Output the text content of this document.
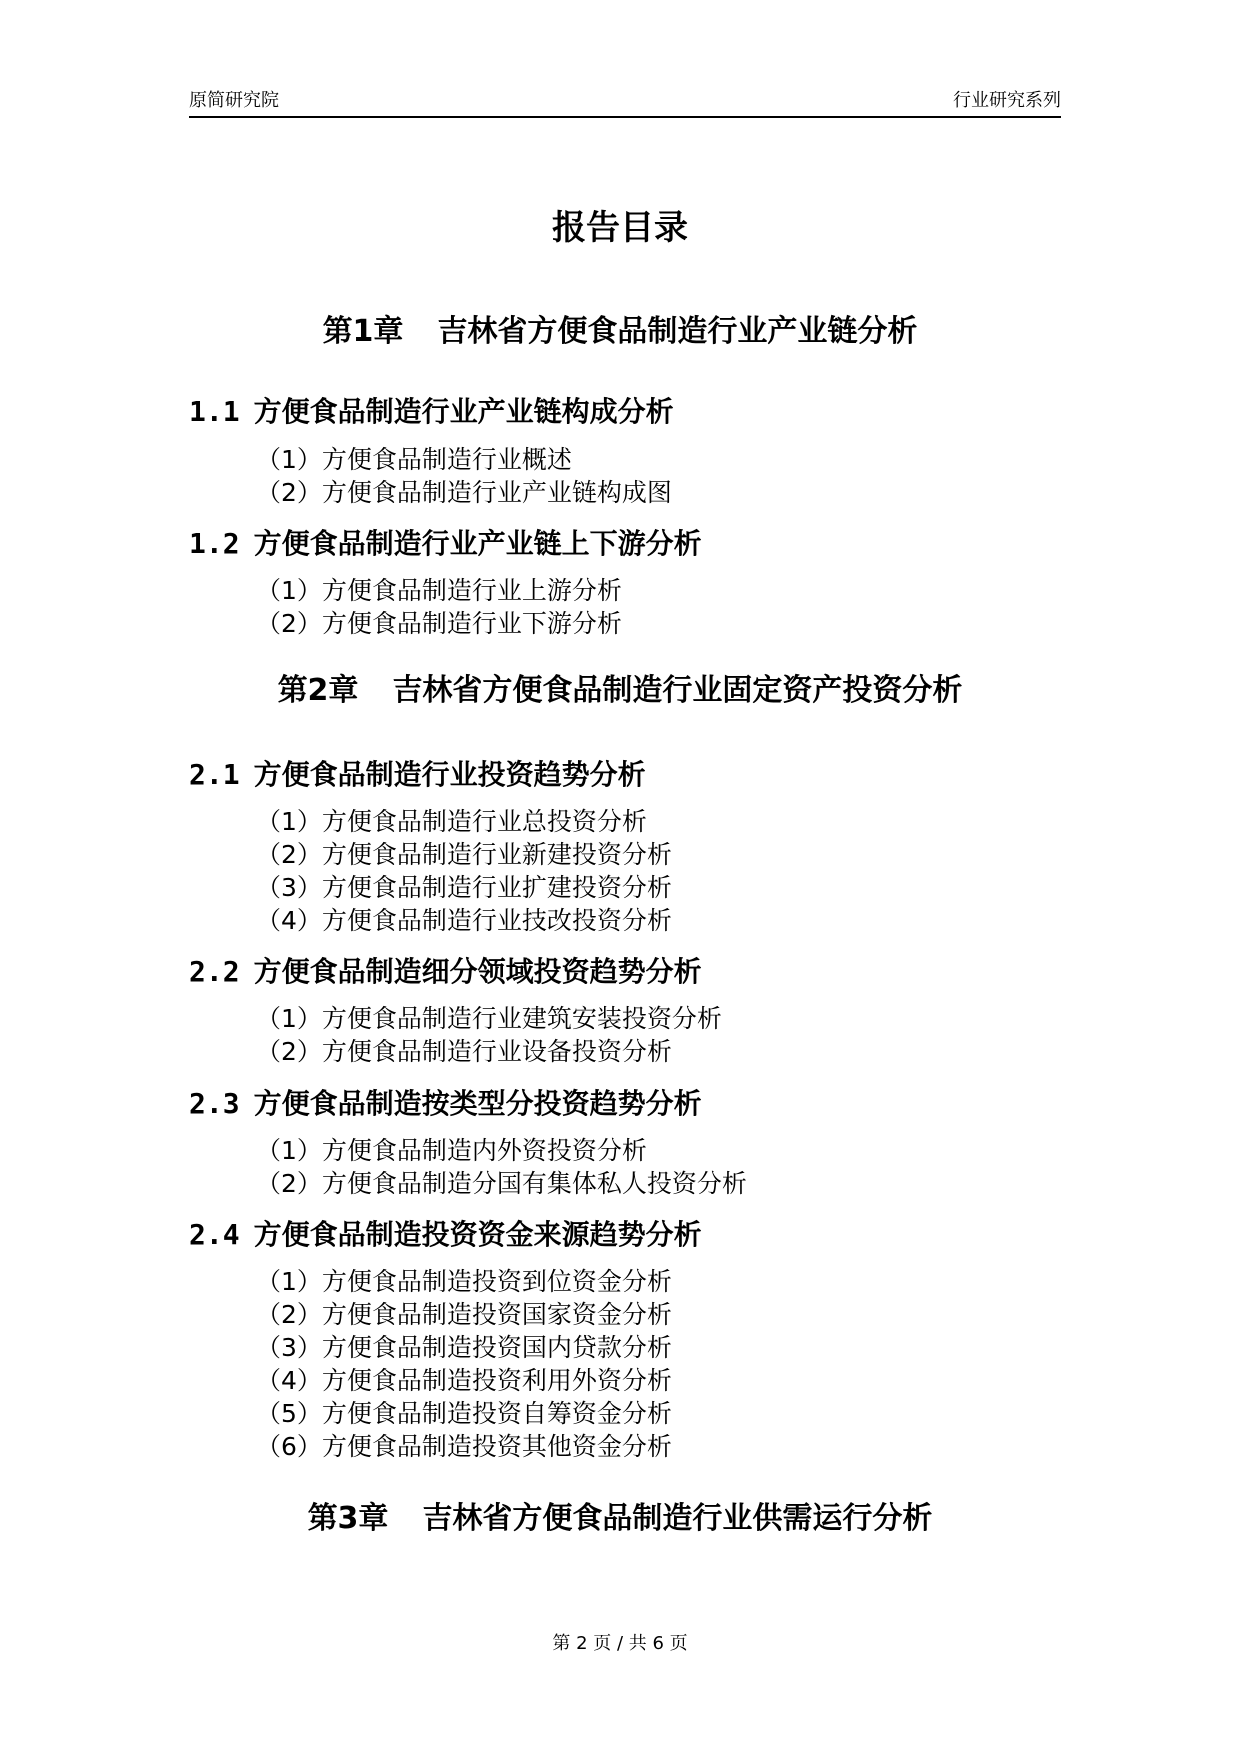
原简研究院	行业研究系列
报告目录
第1章 吉林省方便食品制造行业产业链分析
1.1 方便食品制造行业产业链构成分析
（1）方便食品制造行业概述
（2）方便食品制造行业产业链构成图
1.2 方便食品制造行业产业链上下游分析
（1）方便食品制造行业上游分析
（2）方便食品制造行业下游分析
第2章 吉林省方便食品制造行业固定资产投资分析
2.1 方便食品制造行业投资趋势分析
（1）方便食品制造行业总投资分析
（2）方便食品制造行业新建投资分析
（3）方便食品制造行业扩建投资分析
（4）方便食品制造行业技改投资分析
2.2 方便食品制造细分领域投资趋势分析
（1）方便食品制造行业建筑安装投资分析
（2）方便食品制造行业设备投资分析
2.3 方便食品制造按类型分投资趋势分析
（1）方便食品制造内外资投资分析
（2）方便食品制造分国有集体私人投资分析
2.4 方便食品制造投资资金来源趋势分析
（1）方便食品制造投资到位资金分析
（2）方便食品制造投资国家资金分析
（3）方便食品制造投资国内贷款分析
（4）方便食品制造投资利用外资分析
（5）方便食品制造投资自筹资金分析
（6）方便食品制造投资其他资金分析
第3章 吉林省方便食品制造行业供需运行分析
第 2 页 / 共 6 页
